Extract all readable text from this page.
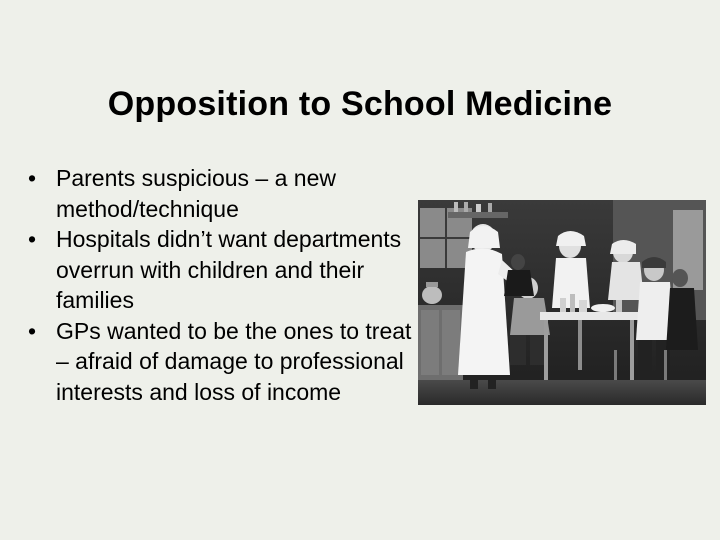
Opposition to School Medicine
• Parents suspicious – a new method/technique
• Hospitals didn’t want departments overrun with children and their families
• GPs wanted to be the ones to treat – afraid of damage to professional interests and loss of income
